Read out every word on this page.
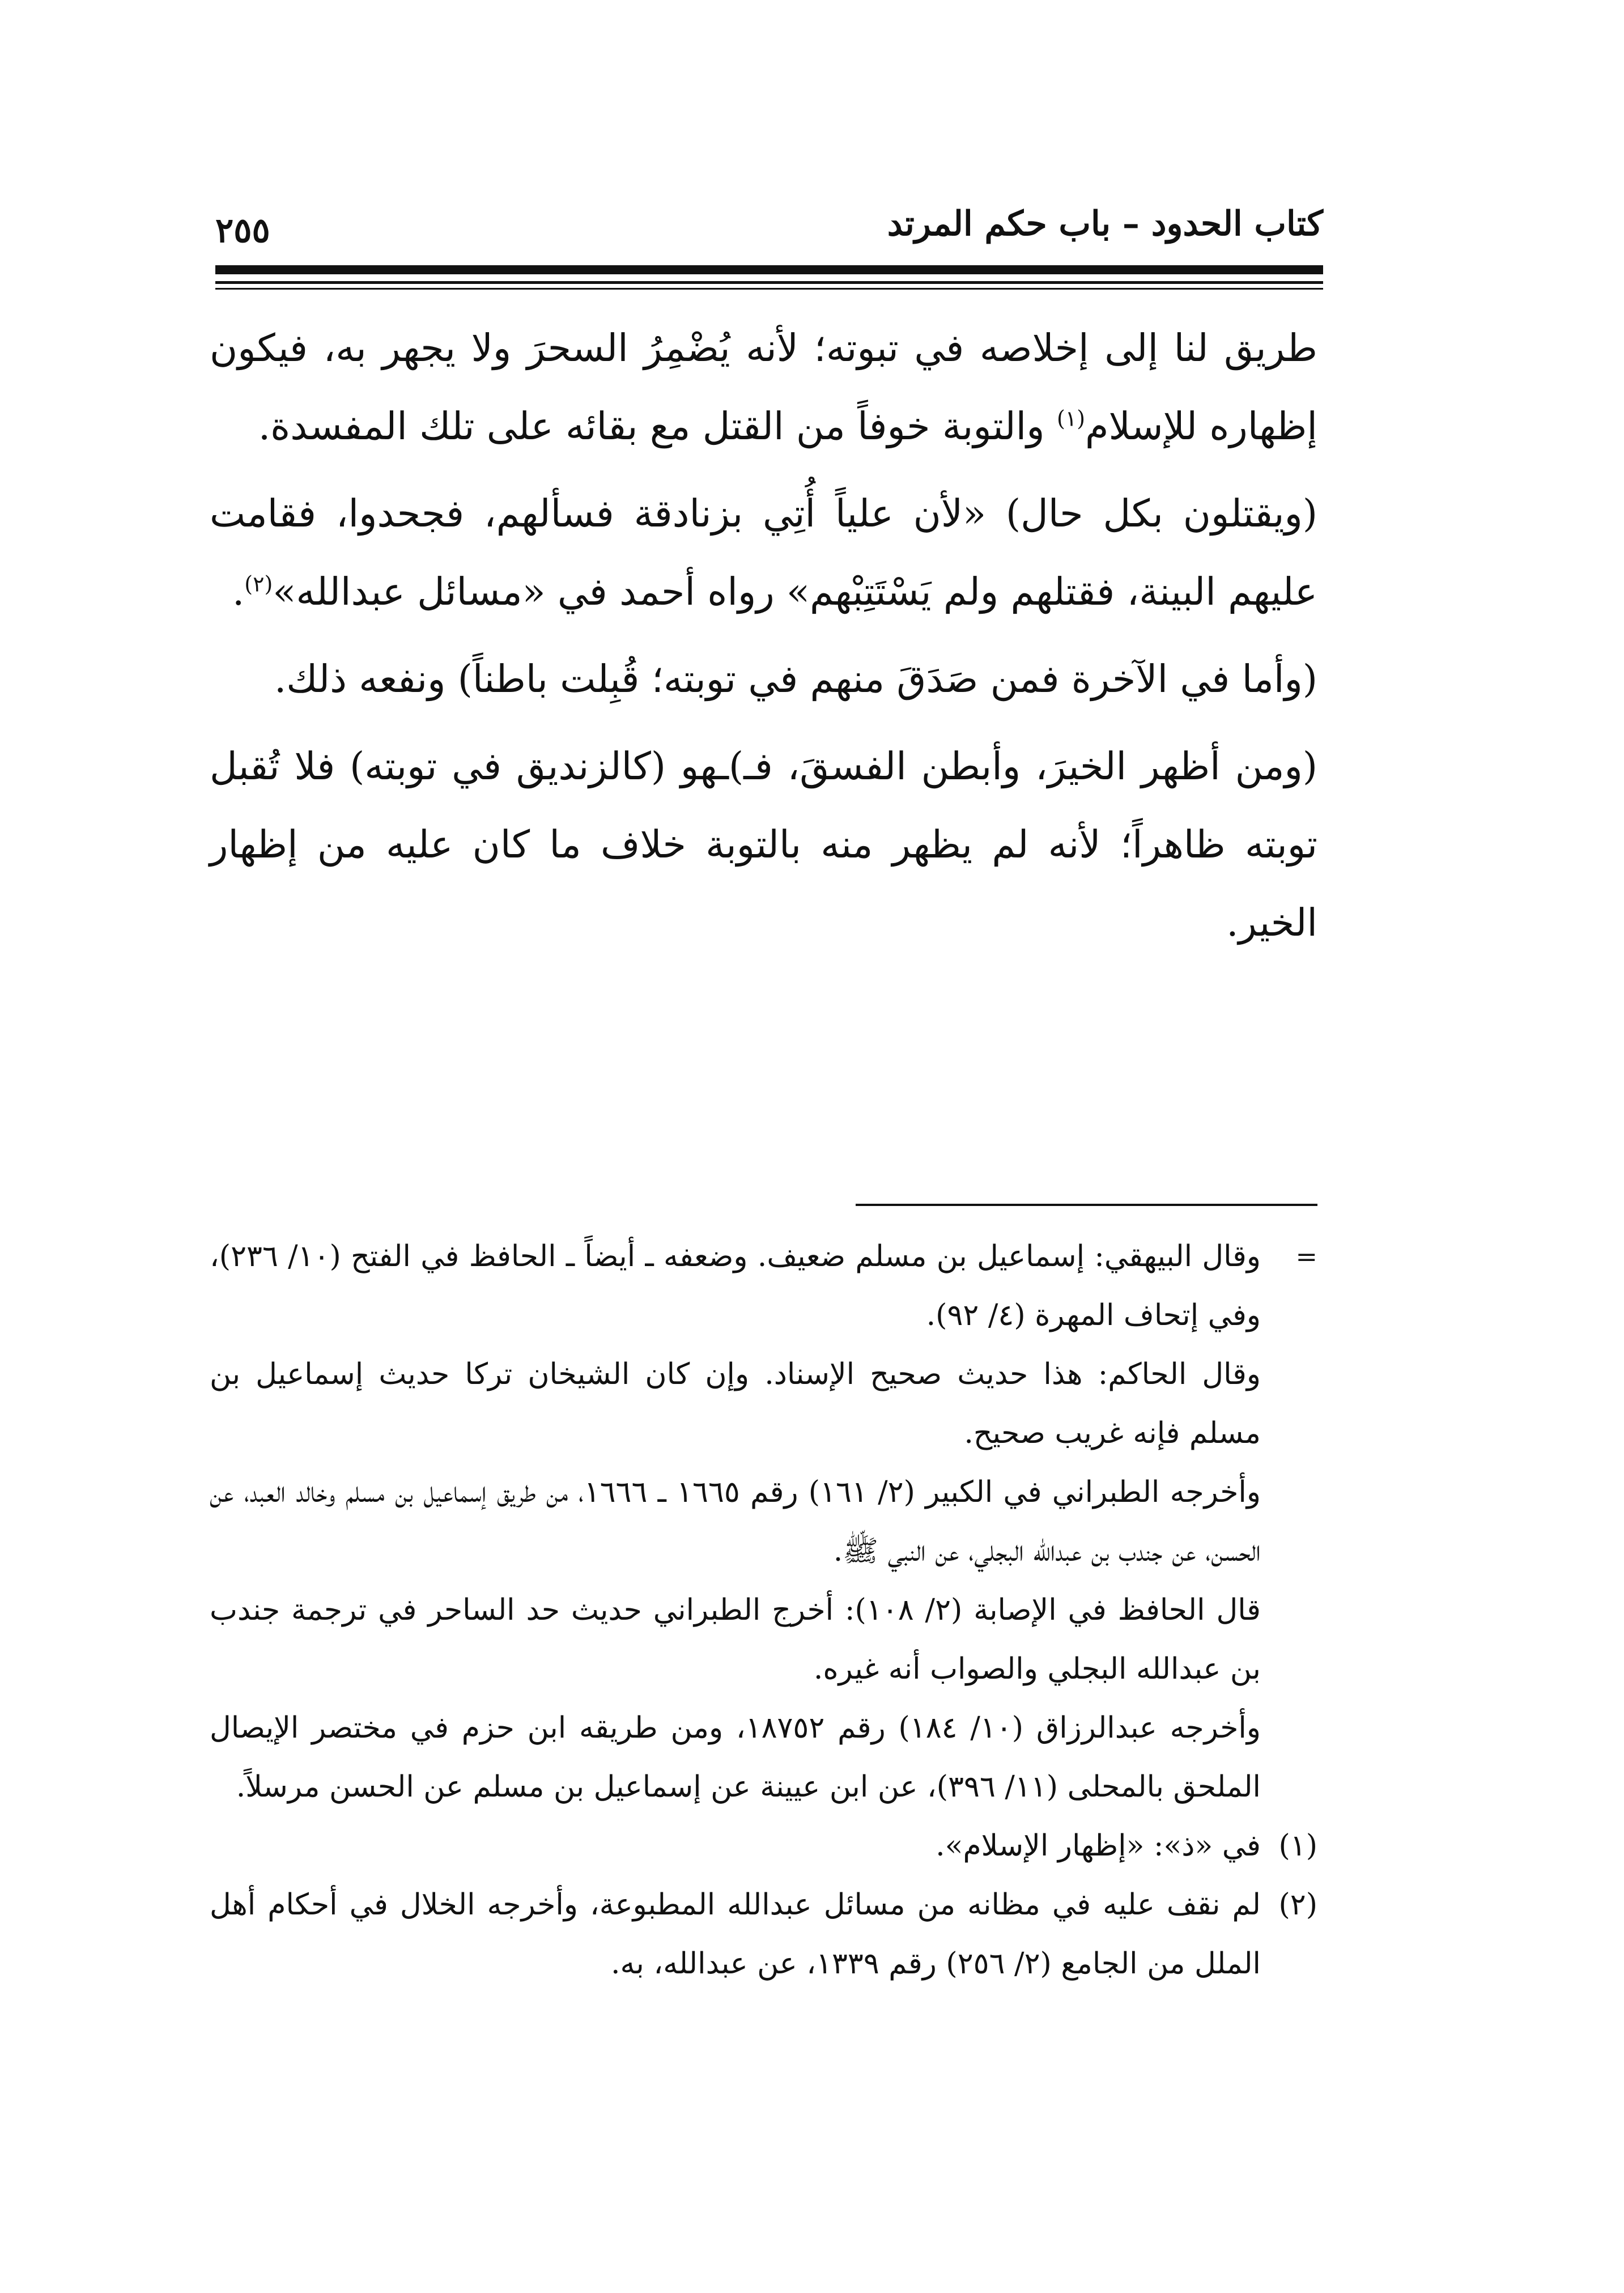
كتاب الحدود – باب حكم المرتد
٢٥٥

طريق لنا إلى إخلاصه في تبوته؛ لأنه يُضْمِرُ السحرَ ولا يجهر به، فيكون إظهاره للإسلام$^{(١)}$ والتوبة خوفاً من القتل مع بقائه على تلك المفسدة.

(ويقتلون بكل حال) «لأن علياً أُتِي بزنادقة فسألهم، فجحدوا، فقامت عليهم البينة، فقتلهم ولم يَسْتَتِبْهم» رواه أحمد في «مسائل عبدالله»$^{(٢)}$.

(وأما في الآخرة فمن صَدَقَ منهم في توبته؛ قُبِلت باطناً) ونفعه ذلك.

(ومن أظهر الخيرَ، وأبطن الفسقَ، فـ)ـهو (كالزنديق في توبته) فلا تُقبل توبته ظاهراً؛ لأنه لم يظهر منه بالتوبة خلاف ما كان عليه من إظهار الخير.

=
وقال البيهقي: إسماعيل بن مسلم ضعيف. وضعفه ـ أيضاً ـ الحافظ في الفتح (١٠/ ٢٣٦)، وفي إتحاف المهرة (٤/ ٩٢).

وقال الحاكم: هذا حديث صحيح الإسناد. وإن كان الشيخان تركا حديث إسماعيل بن مسلم فإنه غريب صحيح.

وأخرجه الطبراني في الكبير (٢/ ١٦١) رقم ١٦٦٥ ـ ١٦٦٦، من طريق إسماعيل بن مسلم وخالد العبد، عن الحسن، عن جندب بن عبدالله البجلي، عن النبي ﷺ.

قال الحافظ في الإصابة (٢/ ١٠٨): أخرج الطبراني حديث حد الساحر في ترجمة جندب بن عبدالله البجلي والصواب أنه غيره.

وأخرجه عبدالرزاق (١٠/ ١٨٤) رقم ١٨٧٥٢، ومن طريقه ابن حزم في مختصر الإيصال الملحق بالمحلى (١١/ ٣٩٦)، عن ابن عيينة عن إسماعيل بن مسلم عن الحسن مرسلاً.

(١)
في «ذ»: «إظهار الإسلام».

(٢)
لم نقف عليه في مظانه من مسائل عبدالله المطبوعة، وأخرجه الخلال في أحكام أهل الملل من الجامع (٢/ ٢٥٦) رقم ١٣٣٩، عن عبدالله، به.
